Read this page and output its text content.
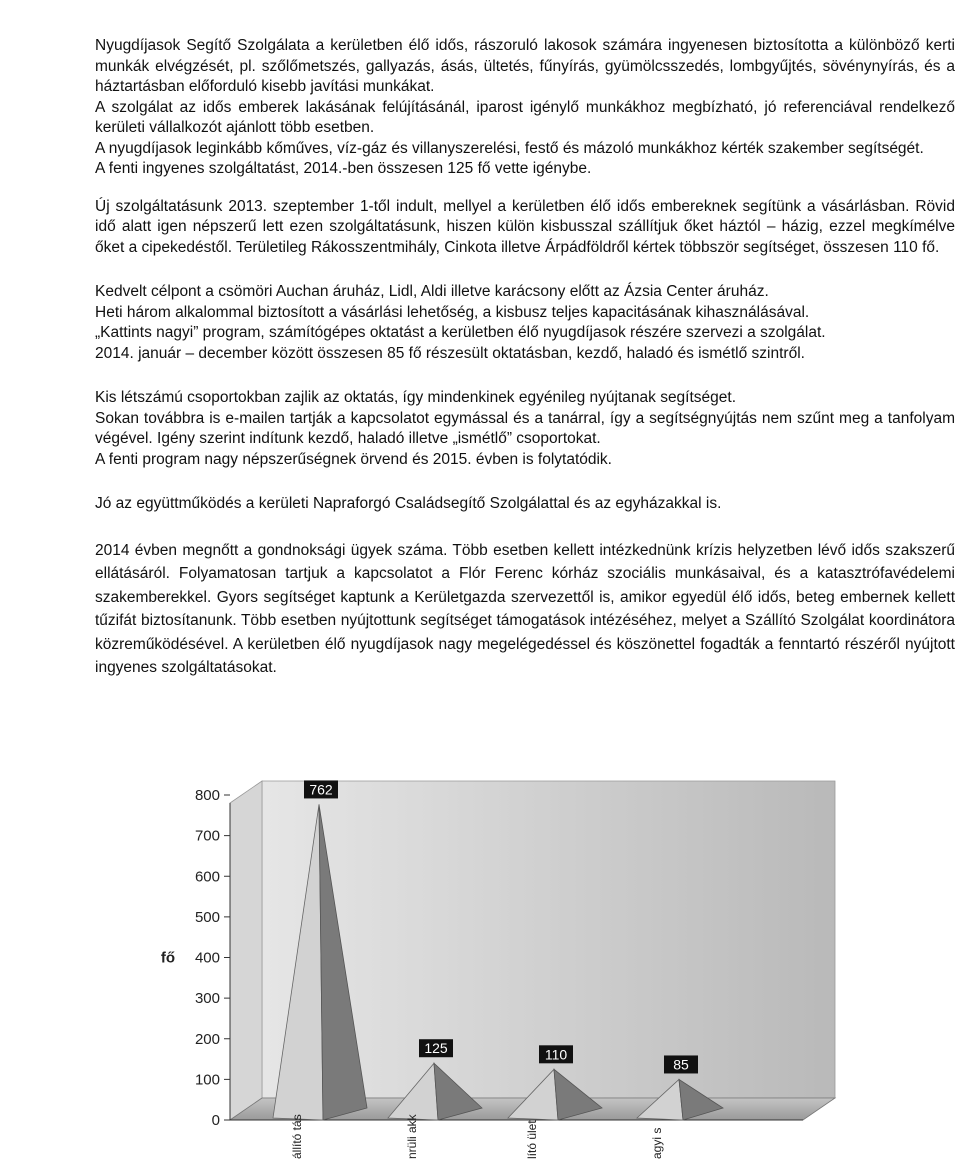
Nyugdíjasok Segítő Szolgálata a kerületben élő idős, rászoruló lakosok számára ingyenesen biztosította a különböző kerti munkák elvégzését, pl. szőlőmetszés, gallyazás, ásás, ültetés, fűnyírás, gyümölcsszedés, lombgyűjtés, sövénynyírás, és a háztartásban előforduló kisebb javítási munkákat.

A szolgálat az idős emberek lakásának felújításánál, iparost igénylő munkákhoz megbízható, jó referenciával rendelkező kerületi vállalkozót ajánlott több esetben.

A nyugdíjasok leginkább kőműves, víz-gáz és villanyszerelési, festő és mázoló munkákhoz kérték szakember segítségét.

A fenti ingyenes szolgáltatást, 2014.-ben összesen 125 fő vette igénybe.

Új szolgáltatásunk 2013. szeptember 1-től indult, mellyel a kerületben élő idős embereknek segítünk a vásárlásban. Rövid idő alatt igen népszerű lett ezen szolgáltatásunk, hiszen külön kisbusszal szállítjuk őket háztól – házig, ezzel megkímélve őket a cipekedéstől. Területileg Rákosszentmihály, Cinkota illetve Árpádföldről kértek többször segítséget, összesen 110 fő.

Kedvelt célpont a csömöri Auchan áruház, Lidl, Aldi illetve karácsony előtt az Ázsia Center áruház.

Heti három alkalommal biztosított a vásárlási lehetőség, a kisbusz teljes kapacitásának kihasználásával.

„Kattints nagyi” program, számítógépes oktatást a kerületben élő nyugdíjasok részére szervezi a szolgálat.

2014. január – december között összesen 85 fő részesült oktatásban, kezdő, haladó és ismétlő szintről.

Kis létszámú csoportokban zajlik az oktatás, így mindenkinek egyénileg nyújtanak segítséget.

Sokan továbbra is e-mailen tartják a kapcsolatot egymással és a tanárral, így a segítségnyújtás nem szűnt meg a tanfolyam végével. Igény szerint indítunk kezdő, haladó illetve „ismétlő” csoportokat.

A fenti program nagy népszerűségnek örvend és 2015. évben is folytatódik.

Jó az együttműködés a kerületi Napraforgó Családsegítő Szolgálattal és az egyházakkal is.

2014 évben megnőtt a gondnoksági ügyek száma. Több esetben kellett intézkednünk krízis helyzetben lévő idős szakszerű ellátásáról. Folyamatosan tartjuk a kapcsolatot a Flór Ferenc kórház szociális munkásaival, és a katasztrófavédelemi szakemberekkel. Gyors segítséget kaptunk a Kerületgazda szervezettől is, amikor egyedül élő idős, beteg embernek kellett tűzifát biztosítanunk. Több esetben nyújtottunk segítséget támogatások intézéséhez, melyet a Szállító Szolgálat koordinátora közreműködésével. A kerületben élő nyugdíjasok nagy megelégedéssel és köszönettel fogadták a fenntartó részéről nyújtott ingyenes szolgáltatásokat.

0
100
200
300
400
500
600
700
800
fő
762
állító tás
125
nrüli akk
110
lító ület
85
agyi s
